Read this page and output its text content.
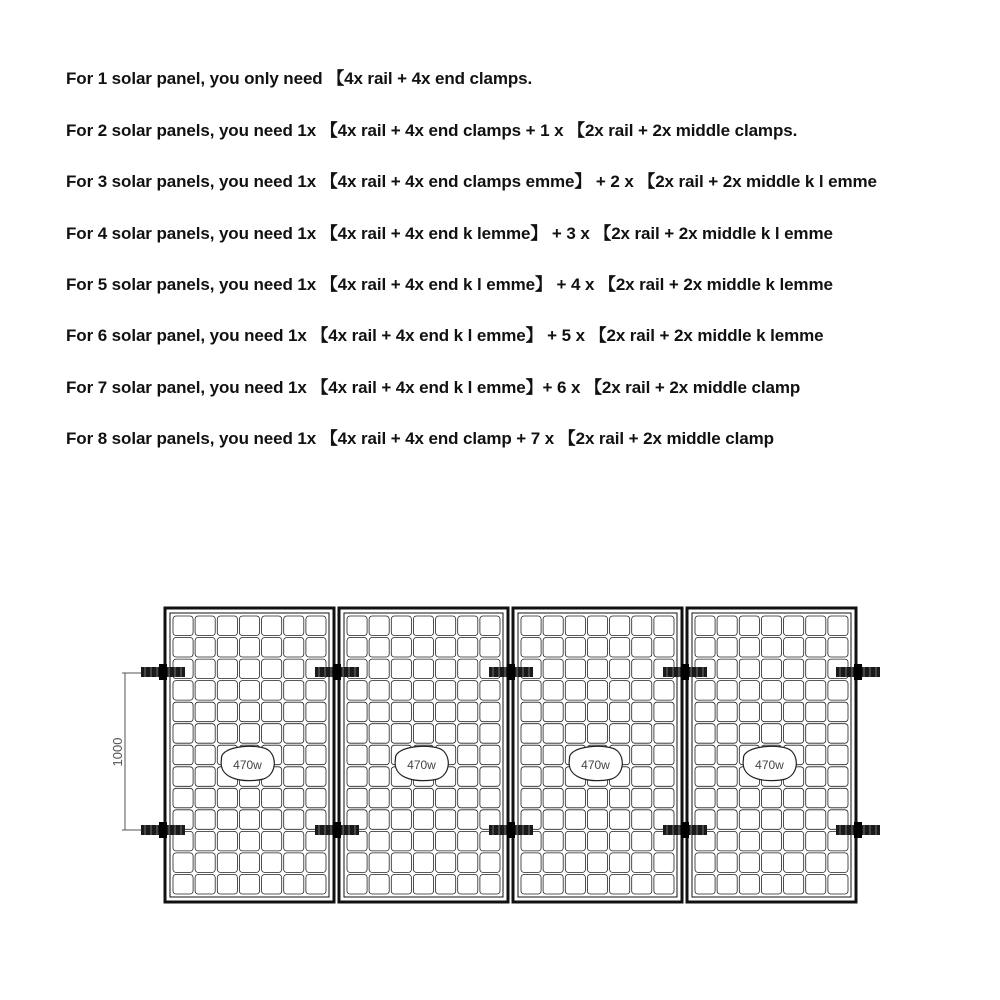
For 1 solar panel, you only need 【4x rail + 4x end clamps.
For 2 solar panels, you need 1x 【4x rail + 4x end clamps + 1 x 【2x rail + 2x middle clamps.
For 3 solar panels, you need 1x 【4x rail + 4x end clamps emme】 + 2 x 【2x rail + 2x middle k l emme
For 4 solar panels, you need 1x 【4x rail + 4x end k lemme】 + 3 x 【2x rail + 2x middle k l emme
For 5 solar panels, you need 1x 【4x rail + 4x end k l emme】 + 4 x 【2x rail + 2x middle k lemme
For 6 solar panel, you need 1x 【4x rail + 4x end k l emme】 + 5 x 【2x rail + 2x middle k lemme
For 7 solar panel, you need 1x 【4x rail + 4x end k l emme】+ 6 x 【2x rail + 2x middle clamp
For 8 solar panels, you need 1x 【4x rail + 4x end clamp + 7 x 【2x rail + 2x middle clamp
1000	470w	470w	470w	470w
